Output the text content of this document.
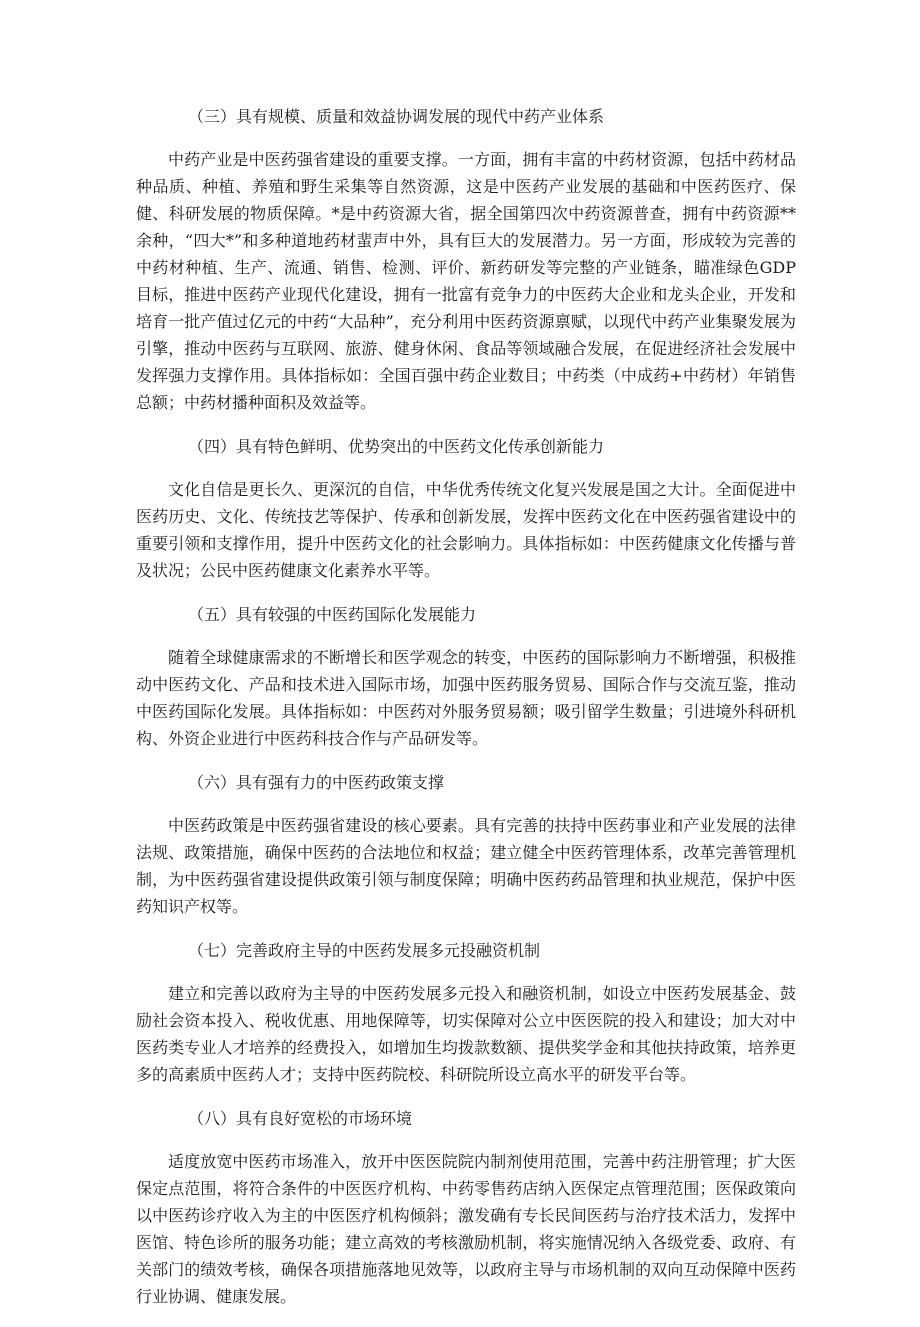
（三）具有规模、质量和效益协调发展的现代中药产业体系

中药产业是中医药强省建设的重要支撑。一方面，拥有丰富的中药材资源，包括中药材品种品质、种植、养殖和野生采集等自然资源，这是中医药产业发展的基础和中医药医疗、保健、科研发展的物质保障。*是中药资源大省，据全国第四次中药资源普查，拥有中药资源**余种，“四大*”和多种道地药材蜚声中外，具有巨大的发展潜力。另一方面，形成较为完善的中药材种植、生产、流通、销售、检测、评价、新药研发等完整的产业链条，瞄准绿色GDP目标，推进中医药产业现代化建设，拥有一批富有竞争力的中医药大企业和龙头企业，开发和培育一批产值过亿元的中药“大品种”，充分利用中医药资源禀赋，以现代中药产业集聚发展为引擎，推动中医药与互联网、旅游、健身休闲、食品等领域融合发展，在促进经济社会发展中发挥强力支撑作用。具体指标如：全国百强中药企业数目；中药类（中成药+中药材）年销售总额；中药材播种面积及效益等。

（四）具有特色鲜明、优势突出的中医药文化传承创新能力

文化自信是更长久、更深沉的自信，中华优秀传统文化复兴发展是国之大计。全面促进中医药历史、文化、传统技艺等保护、传承和创新发展，发挥中医药文化在中医药强省建设中的重要引领和支撑作用，提升中医药文化的社会影响力。具体指标如：中医药健康文化传播与普及状况；公民中医药健康文化素养水平等。

（五）具有较强的中医药国际化发展能力

随着全球健康需求的不断增长和医学观念的转变，中医药的国际影响力不断增强，积极推动中医药文化、产品和技术进入国际市场，加强中医药服务贸易、国际合作与交流互鉴，推动中医药国际化发展。具体指标如：中医药对外服务贸易额；吸引留学生数量；引进境外科研机构、外资企业进行中医药科技合作与产品研发等。

（六）具有强有力的中医药政策支撑

中医药政策是中医药强省建设的核心要素。具有完善的扶持中医药事业和产业发展的法律法规、政策措施，确保中医药的合法地位和权益；建立健全中医药管理体系，改革完善管理机制，为中医药强省建设提供政策引领与制度保障；明确中医药药品管理和执业规范，保护中医药知识产权等。

（七）完善政府主导的中医药发展多元投融资机制

建立和完善以政府为主导的中医药发展多元投入和融资机制，如设立中医药发展基金、鼓励社会资本投入、税收优惠、用地保障等，切实保障对公立中医医院的投入和建设；加大对中医药类专业人才培养的经费投入，如增加生均拨款数额、提供奖学金和其他扶持政策，培养更多的高素质中医药人才；支持中医药院校、科研院所设立高水平的研发平台等。

（八）具有良好宽松的市场环境

适度放宽中医药市场准入，放开中医医院院内制剂使用范围，完善中药注册管理；扩大医保定点范围，将符合条件的中医医疗机构、中药零售药店纳入医保定点管理范围；医保政策向以中医药诊疗收入为主的中医医疗机构倾斜；激发确有专长民间医药与治疗技术活力，发挥中医馆、特色诊所的服务功能；建立高效的考核激励机制，将实施情况纳入各级党委、政府、有关部门的绩效考核，确保各项措施落地见效等，以政府主导与市场机制的双向互动保障中医药行业协调、健康发展。
